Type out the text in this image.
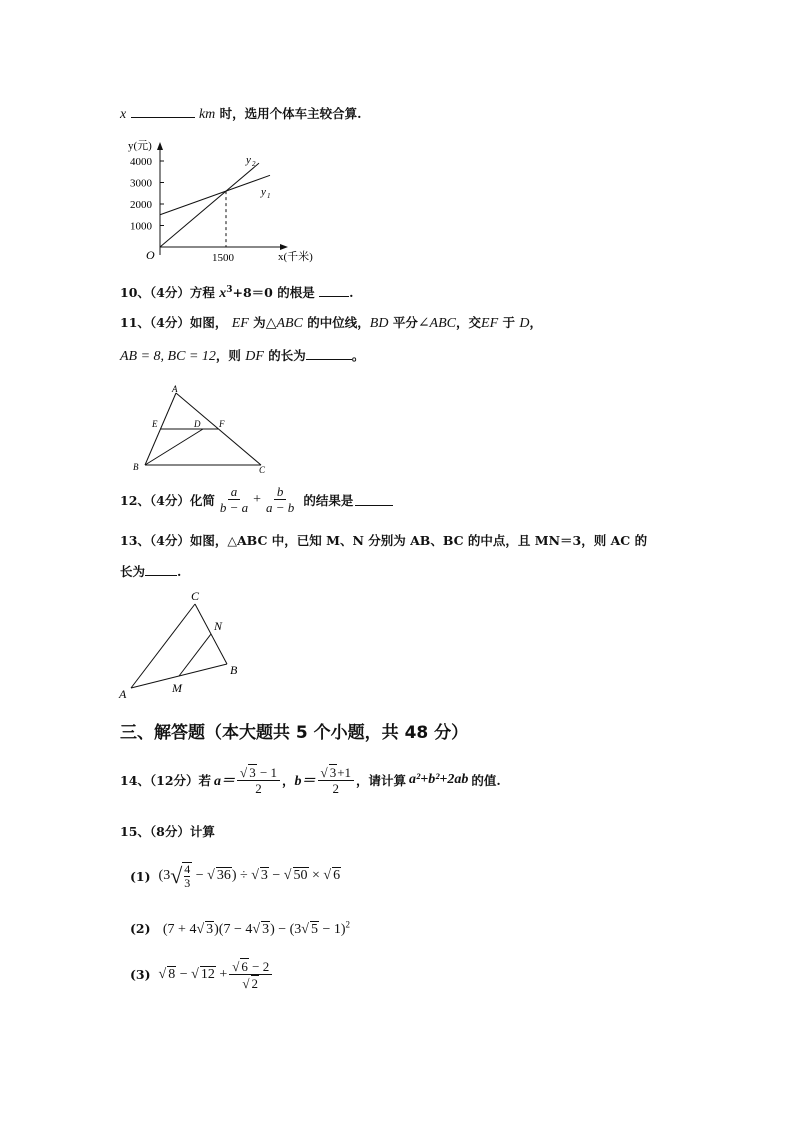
x	km 时，选用个体车主较合算.
1000
2000
3000
4000
1500
y(元)
x(千米)
O
y 1
y 2
10、（4分）方程 $x^3+8=0$ 的根是	.
11、（4分）如图， EF 为△ABC 的中位线，BD 平分∠ABC，交EF 于 D，
AB = 8, BC = 12，则 DF 的长为	。
A
E	D F
B	C
12、（4分）化简 $\frac{a}{b - a} + \frac{b}{a - b}$ 的结果是
13、（4分）如图，△ABC 中，已知 M、N 分别为 AB、BC 的中点，且 MN＝3，则 AC 的
长为	.
C
N
B
A	M
三、解答题（本大题共 5 个小题，共 48 分）
14、（12分）若 $a= \frac{√ 3 - 1}{2}$ ， $b= \frac{√ 3+1}{2}$ ，请计算 a²+b²+2ab 的值.
15、（8分）计算
(1) ($3√ \frac{4}{3}$ − √ 36) ÷ √ 3 − √ 50 × √ 6
(2) (7 + 4√ 3)(7 − 4√ 3) − (3√ 5 − 1)$^2$
(3) √ 8 − √ $12 + \frac{√ 6 - 2}{√ 2}$
